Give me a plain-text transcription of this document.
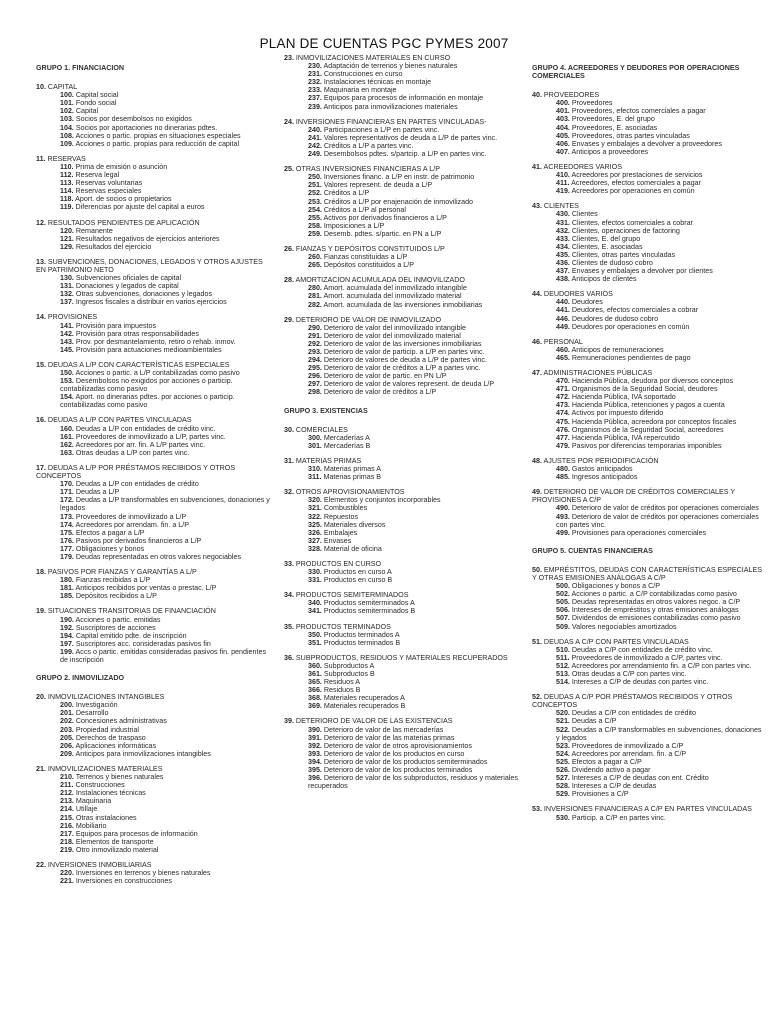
PLAN DE CUENTAS PGC PYMES 2007
GRUPO 1. FINANCIACION
10. CAPITAL
100. Capital social
101. Fondo social
102. Capital
103. Socios por desembolsos no exigidos
104. Socios por aportaciones no dinerarias pdtes.
108. Acciones o partic. propias en situaciones especiales
109. Acciones o partic. propias para reducción de capital
11. RESERVAS
110. Prima de emisión o asunción
112. Reserva legal
113. Reservas voluntarias
114. Reservas especiales
118. Aport. de socios o propietarios
119. Diferencias por ajuste del capital a euros
12. RESULTADOS PENDIENTES DE APLICACIÓN
120. Remanente
121. Resultados negativos de ejercicios anteriores
129. Resultados del ejercicio
13. SUBVENCIONES, DONACIONES, LEGADOS Y OTROS AJUSTES EN PATRIMONIO NETO
130. Subvenciones oficiales de capital
131. Donaciones y legados de capital
132. Otras subvenciones, donaciones y legados
137. Ingresos fiscales a distribuir en varios ejercicios
14. PROVISIONES
141. Provisión para impuestos
142. Provisión para otras responsabilidades
143. Prov. por desmantelamiento, retiro o rehab. inmov.
145. Provisión para actuaciones medioambientales
15. DEUDAS A L/P CON CARACTERÍSTICAS ESPECIALES
150. Acciones o partic. a L/P contabilizadas como pasivo
153. Desembolsos no exigidos por acciones o particip. contabilizadas como pasivo
154. Aport. no dinerarias pdtes. por acciones o particip. contabilizadas como pasivo
16. DEUDAS A L/P CON PARTES VINCULADAS
160. Deudas a L/P con entidades de crédito vinc.
161. Proveedores de inmovilizado a L/P, partes vinc.
162. Acreedores por arr. fin. A L/P partes vinc.
163. Otras deudas a L/P con partes vinc.
17. DEUDAS A L/P POR PRÉSTAMOS RECIBIDOS Y OTROS CONCEPTOS
170. Deudas a L/P con entidades de crédito
171. Deudas a L/P
172. Deudas a L/P transformables en subvenciones, donaciones y legados
173. Proveedores de inmovilizado a L/P
174. Acreedores por arrendam. fin. a L/P
175. Efectos a pagar a L/P
176. Pasivos por derivados financieros a L/P
177. Obligaciones y bonos
179. Deudas representadas en otros valores negociables
18. PASIVOS POR FIANZAS Y GARANTÍAS A L/P
180. Fianzas recibidas a L/P
181. Anticipos recibidos por ventas o prestac. L/P
185. Depósitos recibidos a L/P
19. SITUACIONES TRANSITORIAS DE FINANCIACIÓN
190. Acciones o partic. emitidas
192. Suscriptores de acciones
194. Capital emitido pdte. de inscripción
197. Suscriptores acc. consideradas pasivos fin
199. Accs o partic. emitidas consideradas pasivos fin. pendientes de inscripción
GRUPO 2. INMOVILIZADO
20. INMOVILIZACIONES INTANGIBLES
200. Investigación
201. Desarrollo
202. Concesiones administrativas
203. Propiedad industrial
205. Derechos de traspaso
206. Aplicaciones informáticas
209. Anticipos para inmovilizaciones intangibles
21. INMOVILIZACIONES MATERIALES
210. Terrenos y bienes naturales
211. Construcciones
212. Instalaciones técnicas
213. Maquinaria
214. Utillaje
215. Otras instalaciones
216. Mobiliario
217. Equipos para procesos de información
218. Elementos de transporte
219. Otro inmovilizado material
22. INVERSIONES INMOBILIARIAS
220. Inversiones en terrenos y bienes naturales
221. Inversiones en construcciones
23. INMOVILIZACIONES MATERIALES EN CURSO
230. Adaptación de terrenos y bienes naturales
231. Construcciones en curso
232. Instalaciones técnicas en montaje
233. Maquinaria en montaje
237. Equipos para procesos de información en montaje
239. Anticipos para inmovilizaciones materiales
24. INVERSIONES FINANCIERAS EN PARTES VINCULADAS-
240. Participaciones a L/P en partes vinc.
241. Valores representativos de deuda a L/P de partes vinc.
242. Créditos a L/P a partes vinc.
249. Desembolsos pdtes. s/partcip. a L/P en partes vinc.
25. OTRAS INVERSIONES FINANCIERAS A L/P
250. Inversiones financ. a L/P en instr. de patrimonio
251. Valores represent. de deuda a L/P
252. Créditos a L/P
253. Créditos a L/P por enajenación de inmovilizado
254. Créditos a L/P al personal
255. Activos por derivados financieros a L/P
258. Imposiciones a L/P
259. Desemb. pdtes. s/partic. en PN a L/P
26. FIANZAS Y DEPÓSITOS CONSTITUIDOS L/P
260. Fianzas constituidas a L/P
265. Depósitos constituidos a L/P
28. AMORTIZACION ACUMULADA DEL INMOVILIZADO
280. Amort. acumulada del inmovilizado intangible
281. Amort. acumulada del inmovilizado material
282. Amort. acumulada de las inversiones inmobiliarias
29. DETERIORO DE VALOR DE INMOVILIZADO
290. Deterioro de valor del inmovilizado intangible
291. Deterioro de valor del inmovilizado material
292. Deterioro de valor de las inversiones inmobiliarias
293. Deterioro de valor de particip. a L/P en partes vinc.
294. Deterioro de valores de deuda a L/P de partes vinc.
295. Deterioro de valor de créditos a L/P a partes vinc.
296. Deterioro de valor de partic. en PN L/P
297. Deterioro de valor de valores represent. de deuda L/P
298. Deterioro de valor de créditos a L/P
GRUPO 3. EXISTENCIAS
30. COMERCIALES
300. Mercaderías A
301. Mercaderías B
31. MATERIAS PRIMAS
310. Materias primas A
311. Materias primas B
32. OTROS APROVISIONAMIENTOS
320. Elementos y conjuntos incorporables
321. Combustibles
322. Repuestos
325. Materiales diversos
326. Embalajes
327. Envases
328. Material de oficina
33. PRODUCTOS EN CURSO
330. Productos en curso A
331. Productos en curso B
34. PRODUCTOS SEMITERMINADOS
340. Productos semiterminados A
341. Productos semiterminados B
35. PRODUCTOS TERMINADOS
350. Productos terminados A
351. Productos terminados B
36. SUBPRODUCTOS, RESIDUOS Y MATERIALES RECUPERADOS
360. Subproductos A
361. Subproductos B
365. Residuos A
366. Residuos B
368. Materiales recuperados A
369. Materiales recuperados B
39. DETERIORO DE VALOR DE LAS EXISTENCIAS
390. Deterioro de valor de las mercaderías
391. Deterioro de valor de las materias primas
392. Deterioro de valor de otros aprovisionamientos
393. Deterioro de valor de los productos en curso
394. Deterioro de valor de los productos semiterminados
395. Deterioro de valor de los productos terminados
396. Deterioro de valor de los subproductos, residuos y materiales recuperados
GRUPO 4. ACREEDORES Y DEUDORES POR OPERACIONES COMERCIALES
40. PROVEEDORES
400. Proveedores
401. Proveedores, efectos comerciales a pagar
403. Proveedores, E. del grupo
404. Proveedores, E. asociadas
405. Proveedores, otras partes vinculadas
406. Envases y embalajes a devolver a proveedores
407. Anticipos a proveedores
41. ACREEDORES VARIOS
410. Acreedores por prestaciones de servicios
411. Acreedores, efectos comerciales a pagar
419. Acreedores por operaciones en común
43. CLIENTES
430. Clientes
431. Clientes, efectos comerciales a cobrar
432. Clientes, operaciones de factoring
433. Clientes, E. del grupo
434. Clientes, E. asociadas
435. Clientes, otras partes vinculadas
436. Clientes de dudoso cobro
437. Envases y embalajes a devolver por clientes
438. Anticipos de clientes
44. DEUDORES VARIOS
440. Deudores
441. Deudores, efectos comerciales a cobrar
446. Deudores de dudoso cobro
449. Deudores por operaciones en común
46. PERSONAL
460. Anticipos de remuneraciones
465. Remuneraciones pendientes de pago
47. ADMINISTRACIONES PÚBLICAS
470. Hacienda Pública, deudora por diversos conceptos
471. Organismos de la Seguridad Social, deudores
472. Hacienda Pública, IVA soportado
473. Hacienda Pública, retenciones y pagos a cuenta
474. Activos por impuesto diferido
475. Hacienda Pública, acreedora por conceptos fiscales
476. Organismos de la Seguridad Social, acreedores
477. Hacienda Pública, IVA repercutido
479. Pasivos por diferencias temporarias imponibles
48. AJUSTES POR PERIODIFICACIÓN
480. Gastos anticipados
485. Ingresos anticipados
49. DETERIORO DE VALOR DE CRÉDITOS COMERCIALES Y PROVISIONES A C/P
490. Deterioro de valor de créditos por operaciones comerciales
493. Deterioro de valor de créditos por operaciones comerciales con partes vinc.
499. Provisiones para operaciones comerciales
GRUPO 5. CUENTAS FINANCIERAS
50. EMPRÉSTITOS, DEUDAS CON CARACTERÍSTICAS ESPECIALES Y OTRAS EMISIONES ANÁLOGAS A C/P
500. Obligaciones y bonos a C/P
502. Acciones o partic. a C/P contabilizadas como pasivo
505. Deudas representadas en otros valores negoc. a C/P
506. Intereses de empréstitos y otras emisiones análogas
507. Dividendos de emisiones contabilizadas como pasivo
509. Valores negociables amortizados
51. DEUDAS A C/P CON PARTES VINCULADAS
510. Deudas a C/P con entidades de crédito vinc.
511. Proveedores de inmovilizado a C/P, partes vinc.
512. Acreedores por arrendamiento fin. a C/P con partes vinc.
513. Otras deudas a C/P con partes vinc.
514. Intereses a C/P de deudas con partes vinc.
52. DEUDAS A C/P POR PRÉSTAMOS RECIBIDOS Y OTROS CONCEPTOS
520. Deudas a C/P con entidades de crédito
521. Deudas a C/P
522. Deudas a C/P transformables en subvenciones, donaciones y legados
523. Proveedores de inmovilizado a C/P
524. Acreedores por arrendam. fin. a C/P
525. Efectos a pagar a C/P
526. Dividendo activo a pagar
527. Intereses a C/P de deudas con ent. Crédito
528. Intereses a C/P de deudas
529. Provisiones a C/P
53. INVERSIONES FINANCIERAS A C/P EN PARTES VINCULADAS
530. Particip. a C/P en partes vinc.
